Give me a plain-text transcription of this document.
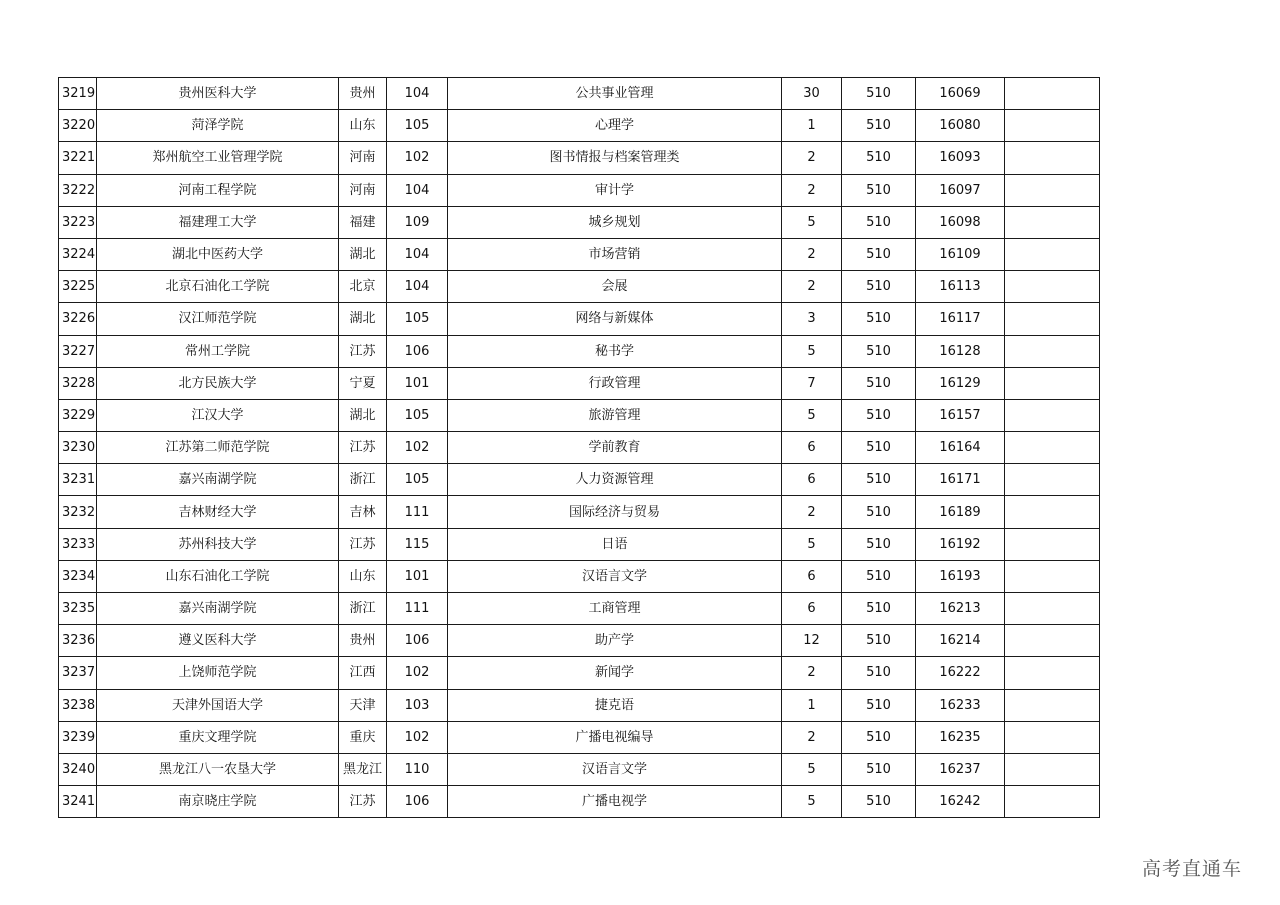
3219	贵州医科大学	贵州	104	公共事业管理	30	510	16069	
3220	菏泽学院	山东	105	心理学	1	510	16080	
3221	郑州航空工业管理学院	河南	102	图书情报与档案管理类	2	510	16093	
3222	河南工程学院	河南	104	审计学	2	510	16097	
3223	福建理工大学	福建	109	城乡规划	5	510	16098	
3224	湖北中医药大学	湖北	104	市场营销	2	510	16109	
3225	北京石油化工学院	北京	104	会展	2	510	16113	
3226	汉江师范学院	湖北	105	网络与新媒体	3	510	16117	
3227	常州工学院	江苏	106	秘书学	5	510	16128	
3228	北方民族大学	宁夏	101	行政管理	7	510	16129	
3229	江汉大学	湖北	105	旅游管理	5	510	16157	
3230	江苏第二师范学院	江苏	102	学前教育	6	510	16164	
3231	嘉兴南湖学院	浙江	105	人力资源管理	6	510	16171	
3232	吉林财经大学	吉林	111	国际经济与贸易	2	510	16189	
3233	苏州科技大学	江苏	115	日语	5	510	16192	
3234	山东石油化工学院	山东	101	汉语言文学	6	510	16193	
3235	嘉兴南湖学院	浙江	111	工商管理	6	510	16213	
3236	遵义医科大学	贵州	106	助产学	12	510	16214	
3237	上饶师范学院	江西	102	新闻学	2	510	16222	
3238	天津外国语大学	天津	103	捷克语	1	510	16233	
3239	重庆文理学院	重庆	102	广播电视编导	2	510	16235	
3240	黑龙江八一农垦大学	黑龙江	110	汉语言文学	5	510	16237	
3241	南京晓庄学院	江苏	106	广播电视学	5	510	16242	
高考直通车
